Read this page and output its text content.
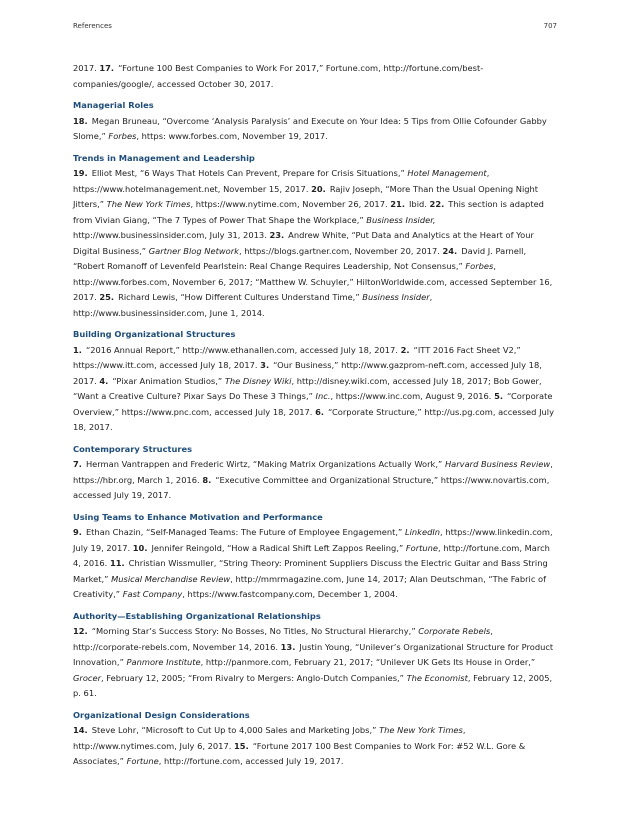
References	707

2017. 17. “Fortune 100 Best Companies to Work For 2017,” Fortune.com, http://fortune.com/best-companies/google/, accessed October 30, 2017.

Managerial Roles

18. Megan Bruneau, “Overcome ‘Analysis Paralysis’ and Execute on Your Idea: 5 Tips from Ollie Cofounder Gabby Slome,” Forbes, https: www.forbes.com, November 19, 2017.

Trends in Management and Leadership

19. Elliot Mest, “6 Ways That Hotels Can Prevent, Prepare for Crisis Situations,” Hotel Management, https://www.hotelmanagement.net, November 15, 2017. 20. Rajiv Joseph, “More Than the Usual Opening Night Jitters,” The New York Times, https://www.nytime.com, November 26, 2017. 21. Ibid. 22. This section is adapted from Vivian Giang, “The 7 Types of Power That Shape the Workplace,” Business Insider, http://www.businessinsider.com, July 31, 2013. 23. Andrew White, “Put Data and Analytics at the Heart of Your Digital Business,” Gartner Blog Network, https://blogs.gartner.com, November 20, 2017. 24. David J. Parnell, “Robert Romanoff of Levenfeld Pearlstein: Real Change Requires Leadership, Not Consensus,” Forbes, http://www.forbes.com, November 6, 2017; “Matthew W. Schuyler,” HiltonWorldwide.com, accessed September 16, 2017. 25. Richard Lewis, “How Different Cultures Understand Time,” Business Insider, http://www.businessinsider.com, June 1, 2014.

Building Organizational Structures

1. “2016 Annual Report,” http://www.ethanallen.com, accessed July 18, 2017. 2. “ITT 2016 Fact Sheet V2,” https://www.itt.com, accessed July 18, 2017. 3. “Our Business,” http://www.gazprom-neft.com, accessed July 18, 2017. 4. “Pixar Animation Studios,” The Disney Wiki, http://disney.wiki.com, accessed July 18, 2017; Bob Gower, “Want a Creative Culture? Pixar Says Do These 3 Things,” Inc., https://www.inc.com, August 9, 2016. 5. “Corporate Overview,” https://www.pnc.com, accessed July 18, 2017. 6. “Corporate Structure,” http://us.pg.com, accessed July 18, 2017.

Contemporary Structures

7. Herman Vantrappen and Frederic Wirtz, “Making Matrix Organizations Actually Work,” Harvard Business Review, https://hbr.org, March 1, 2016. 8. “Executive Committee and Organizational Structure,” https://www.novartis.com, accessed July 19, 2017.

Using Teams to Enhance Motivation and Performance

9. Ethan Chazin, “Self-Managed Teams: The Future of Employee Engagement,” LinkedIn, https://www.linkedin.com, July 19, 2017. 10. Jennifer Reingold, “How a Radical Shift Left Zappos Reeling,” Fortune, http://fortune.com, March 4, 2016. 11. Christian Wissmuller, “String Theory: Prominent Suppliers Discuss the Electric Guitar and Bass String Market,” Musical Merchandise Review, http://mmrmagazine.com, June 14, 2017; Alan Deutschman, “The Fabric of Creativity,” Fast Company, https://www.fastcompany.com, December 1, 2004.

Authority—Establishing Organizational Relationships

12. “Morning Star’s Success Story: No Bosses, No Titles, No Structural Hierarchy,” Corporate Rebels, http://corporate-rebels.com, November 14, 2016. 13. Justin Young, “Unilever’s Organizational Structure for Product Innovation,” Panmore Institute, http://panmore.com, February 21, 2017; “Unilever UK Gets Its House in Order,” Grocer, February 12, 2005; “From Rivalry to Mergers: Anglo-Dutch Companies,” The Economist, February 12, 2005, p. 61.

Organizational Design Considerations

14. Steve Lohr, “Microsoft to Cut Up to 4,000 Sales and Marketing Jobs,” The New York Times, http://www.nytimes.com, July 6, 2017. 15. “Fortune 2017 100 Best Companies to Work For: #52 W.L. Gore & Associates,” Fortune, http://fortune.com, accessed July 19, 2017.
